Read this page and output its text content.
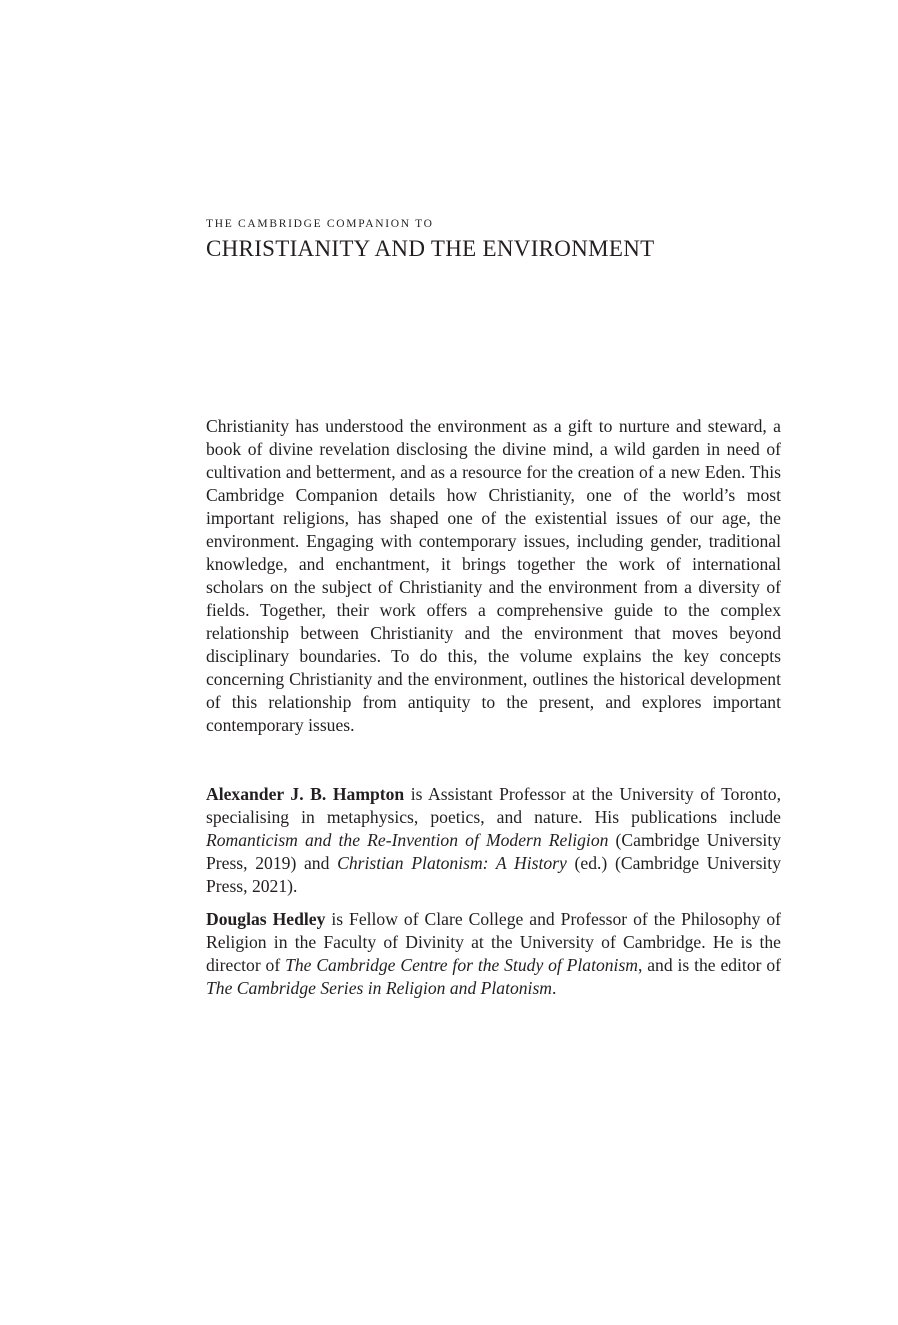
THE CAMBRIDGE COMPANION TO
CHRISTIANITY AND THE ENVIRONMENT

Christianity has understood the environment as a gift to nurture and steward, a book of divine revelation disclosing the divine mind, a wild garden in need of cultivation and betterment, and as a resource for the creation of a new Eden. This Cambridge Companion details how Christianity, one of the world’s most important religions, has shaped one of the existential issues of our age, the environment. Engaging with contemporary issues, including gender, traditional knowledge, and enchantment, it brings together the work of international scholars on the subject of Christianity and the environment from a diversity of fields. Together, their work offers a comprehensive guide to the complex relationship between Christianity and the environment that moves beyond disciplinary boundaries. To do this, the volume explains the key concepts concerning Christianity and the environment, outlines the historical development of this relationship from antiquity to the present, and explores important contemporary issues.

Alexander J. B. Hampton is Assistant Professor at the University of Toronto, specialising in metaphysics, poetics, and nature. His publications include Romanticism and the Re-Invention of Modern Religion (Cambridge University Press, 2019) and Christian Platonism: A History (ed.) (Cambridge University Press, 2021).

Douglas Hedley is Fellow of Clare College and Professor of the Philosophy of Religion in the Faculty of Divinity at the University of Cambridge. He is the director of The Cambridge Centre for the Study of Platonism, and is the editor of The Cambridge Series in Religion and Platonism.
